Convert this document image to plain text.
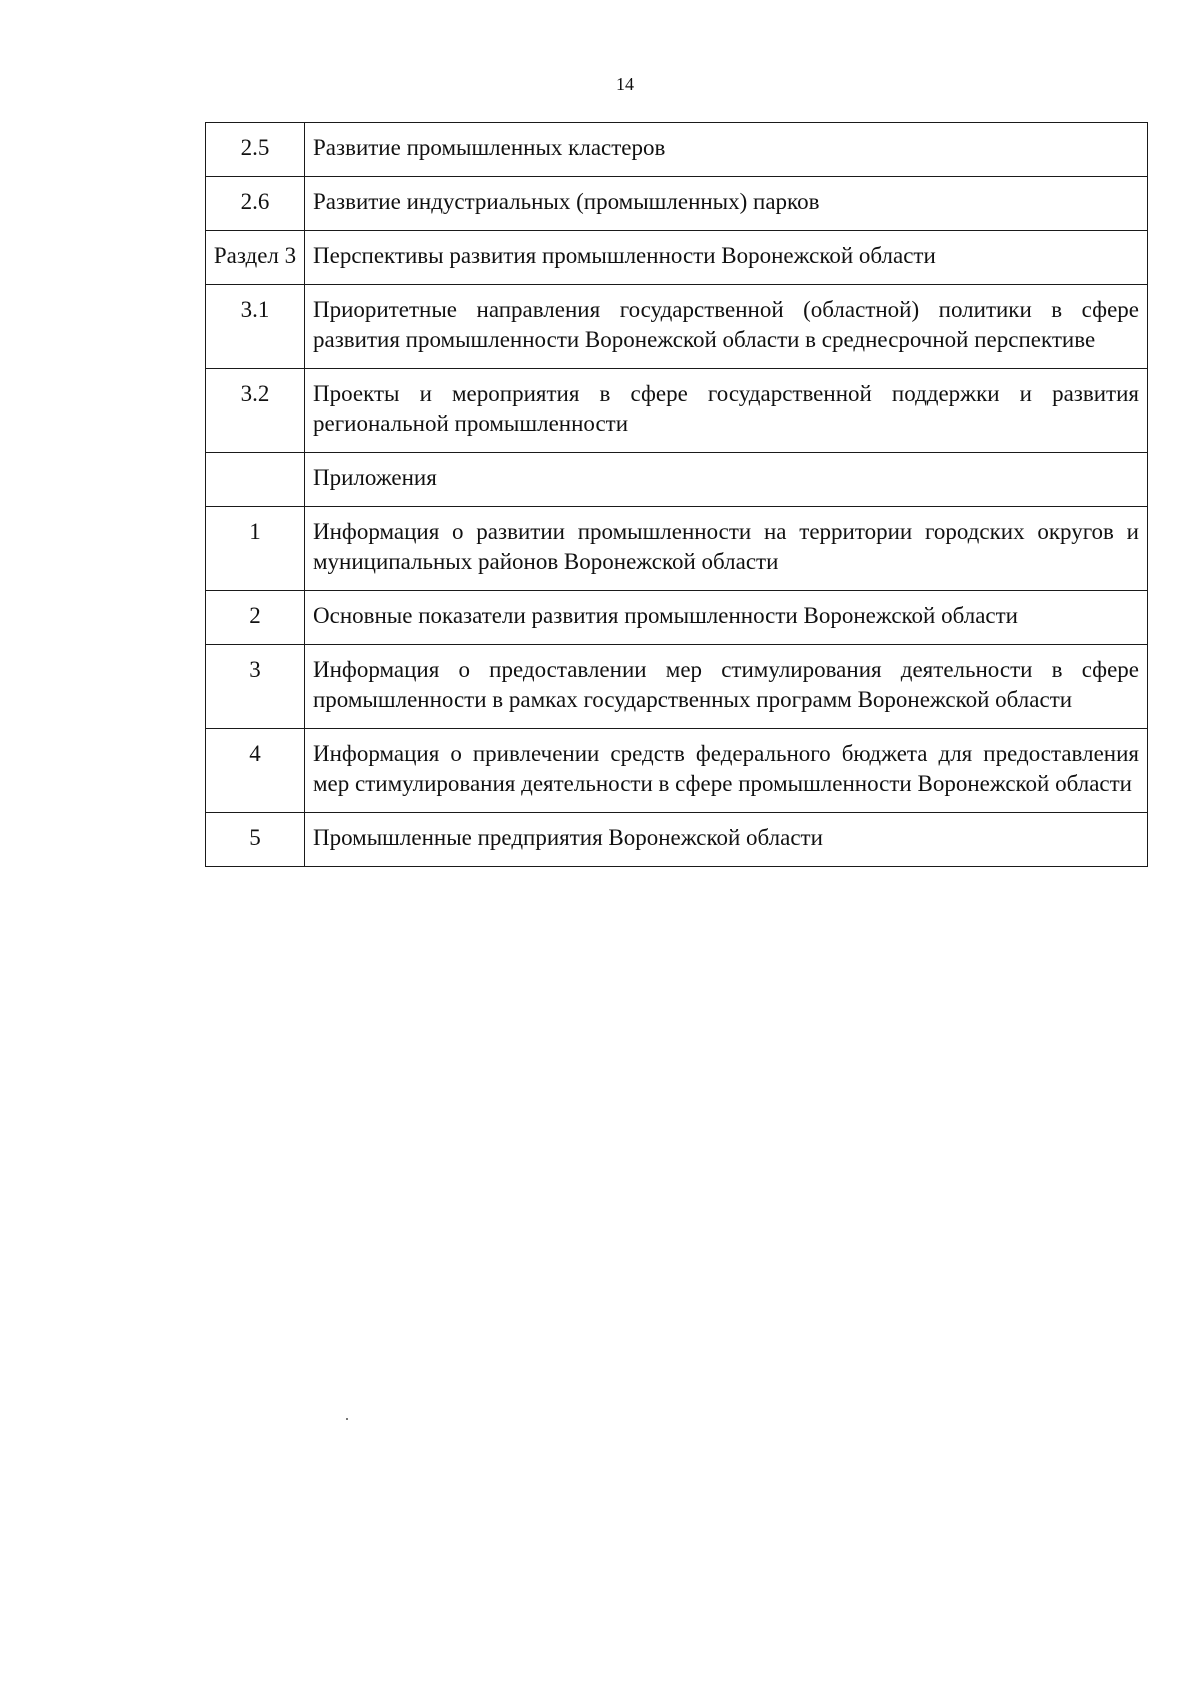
14
2.5	Развитие промышленных кластеров
2.6	Развитие индустриальных (промышленных) парков
Раздел 3	Перспективы развития промышленности Воронежской области
3.1	Приоритетные направления государственной (областной) политики в сфере развития промышленности Воронежской области в среднесрочной перспективе
3.2	Проекты и мероприятия в сфере государственной поддержки и развития региональной промышленности
	Приложения
1	Информация о развитии промышленности на территории городских округов и муниципальных районов Воронежской области
2	Основные показатели развития промышленности Воронежской области
3	Информация о предоставлении мер стимулирования деятельности в сфере промышленности в рамках государственных программ Воронежской области
4	Информация о привлечении средств федерального бюджета для предоставления мер стимулирования деятельности в сфере промышленности Воронежской области
5	Промышленные предприятия Воронежской области
